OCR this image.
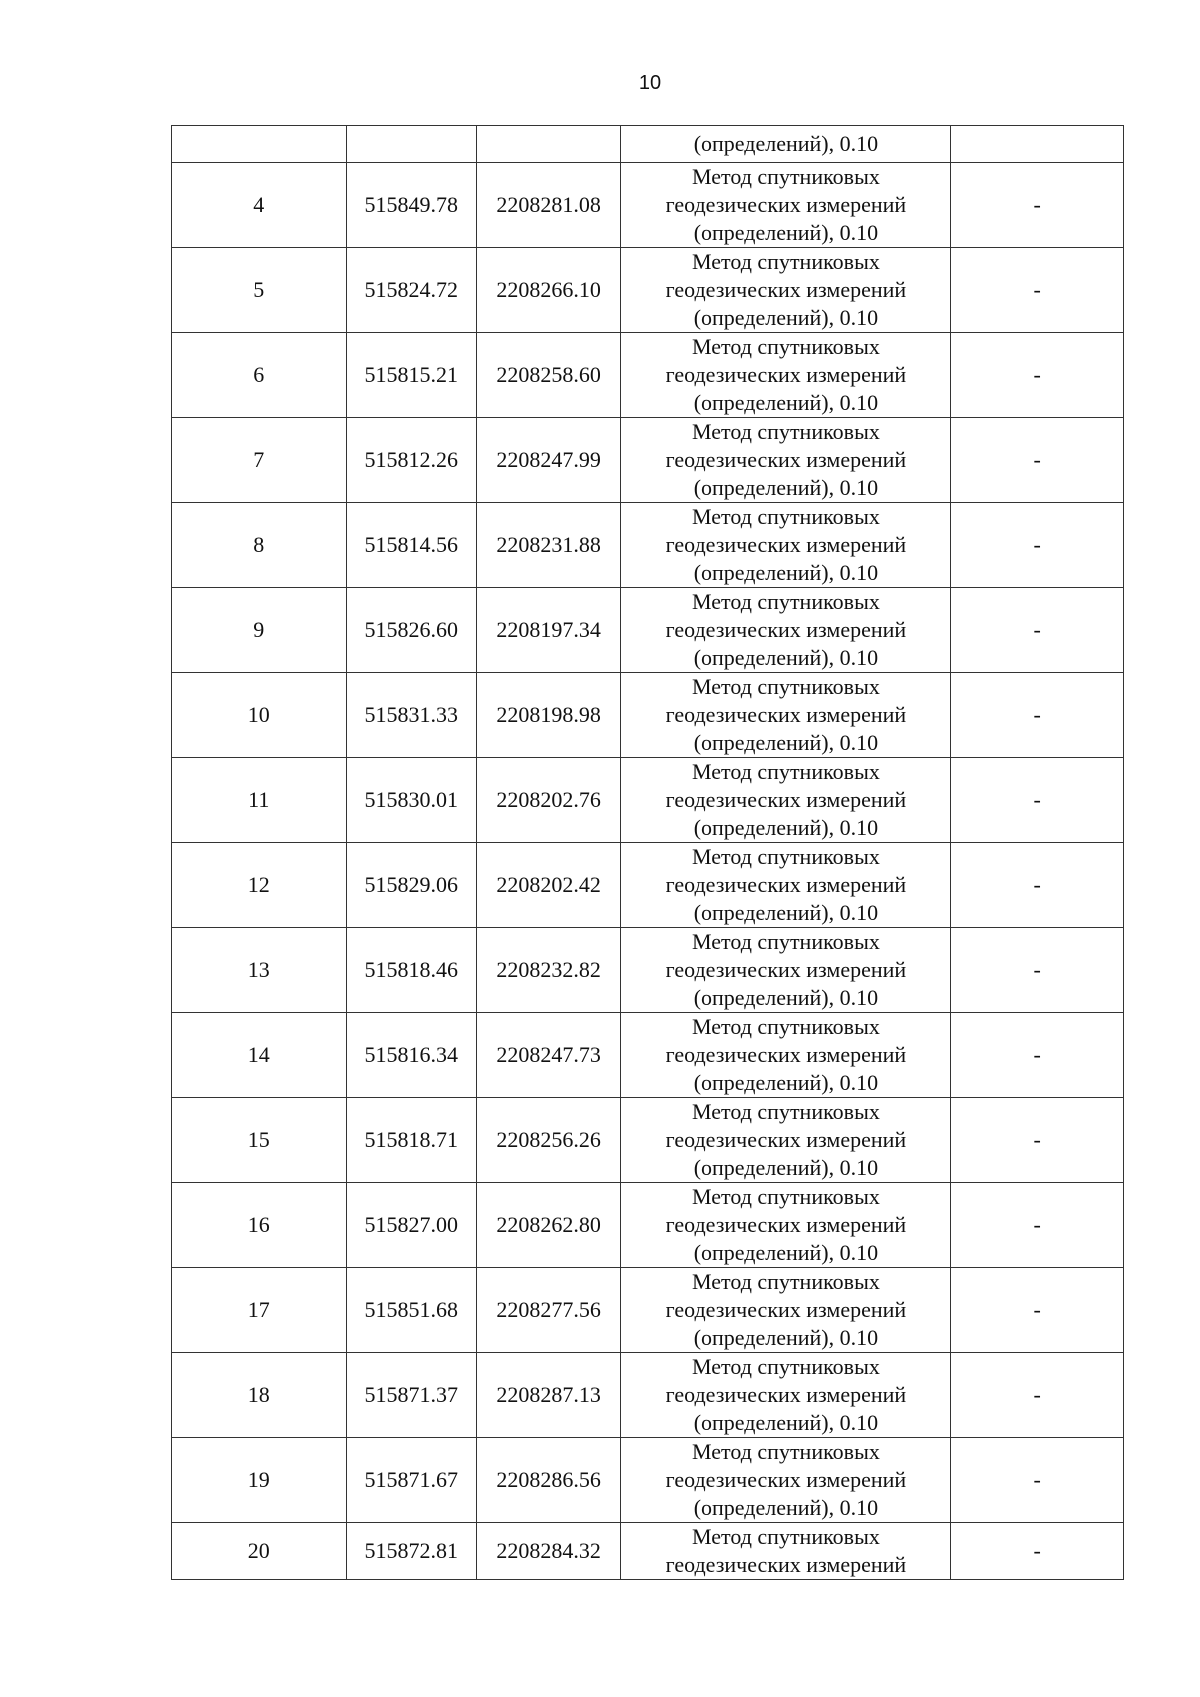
10
			(определений), 0.10	
4	515849.78	2208281.08	Метод спутниковых
геодезических измерений
(определений), 0.10	-
5	515824.72	2208266.10	Метод спутниковых
геодезических измерений
(определений), 0.10	-
6	515815.21	2208258.60	Метод спутниковых
геодезических измерений
(определений), 0.10	-
7	515812.26	2208247.99	Метод спутниковых
геодезических измерений
(определений), 0.10	-
8	515814.56	2208231.88	Метод спутниковых
геодезических измерений
(определений), 0.10	-
9	515826.60	2208197.34	Метод спутниковых
геодезических измерений
(определений), 0.10	-
10	515831.33	2208198.98	Метод спутниковых
геодезических измерений
(определений), 0.10	-
11	515830.01	2208202.76	Метод спутниковых
геодезических измерений
(определений), 0.10	-
12	515829.06	2208202.42	Метод спутниковых
геодезических измерений
(определений), 0.10	-
13	515818.46	2208232.82	Метод спутниковых
геодезических измерений
(определений), 0.10	-
14	515816.34	2208247.73	Метод спутниковых
геодезических измерений
(определений), 0.10	-
15	515818.71	2208256.26	Метод спутниковых
геодезических измерений
(определений), 0.10	-
16	515827.00	2208262.80	Метод спутниковых
геодезических измерений
(определений), 0.10	-
17	515851.68	2208277.56	Метод спутниковых
геодезических измерений
(определений), 0.10	-
18	515871.37	2208287.13	Метод спутниковых
геодезических измерений
(определений), 0.10	-
19	515871.67	2208286.56	Метод спутниковых
геодезических измерений
(определений), 0.10	-
20	515872.81	2208284.32	Метод спутниковых
геодезических измерений	-
